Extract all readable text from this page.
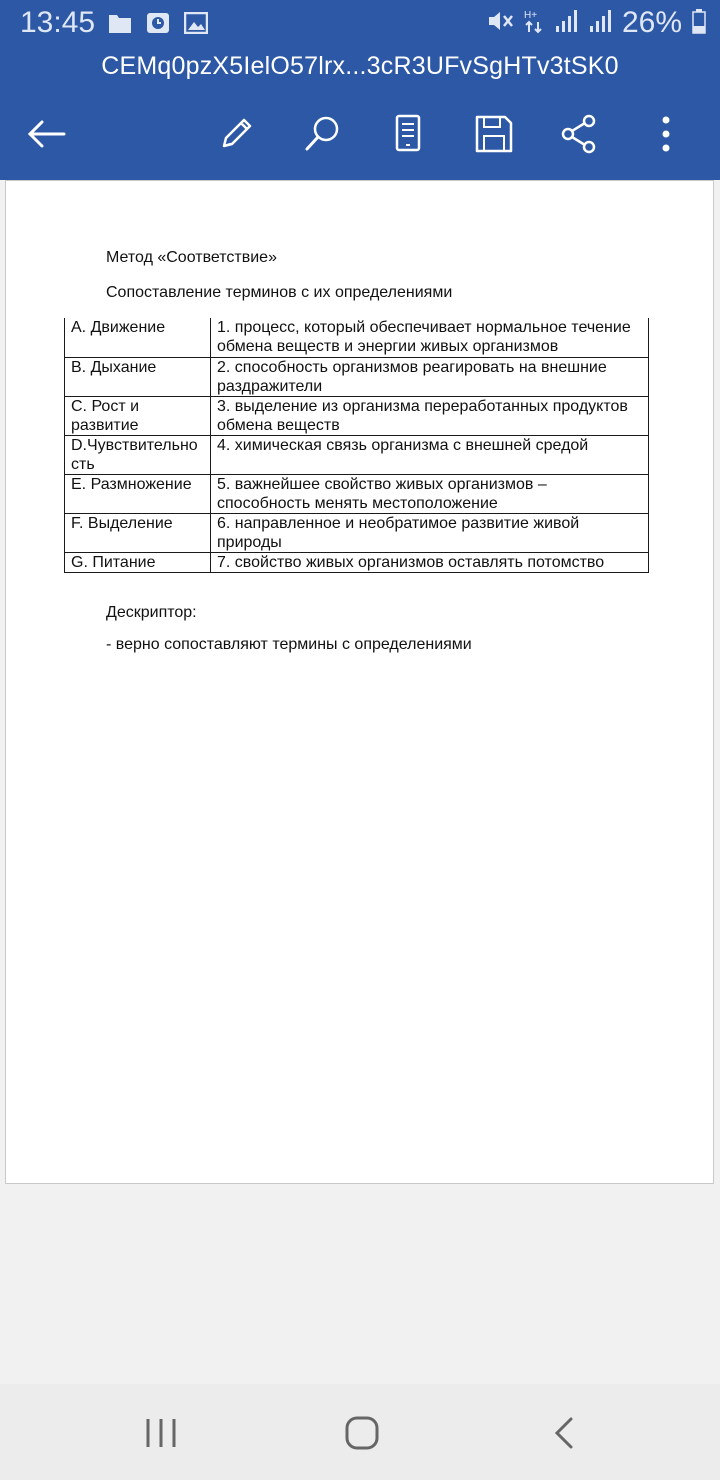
13:45	H+	26%
CEMq0pzX5IelO57lrx...3cR3UFvSgHTv3tSK0
Метод «Соответствие»
Сопоставление терминов с их определениями
A. Движение	1. процесс, который обеспечивает нормальное течение обмена веществ и энергии живых организмов
B. Дыхание	2. способность организмов реагировать на внешние раздражители
C. Рост и развитие	3. выделение из организма переработанных продуктов обмена веществ
D.Чувствительность	4. химическая связь организма с внешней средой
E. Размножение	5. важнейшее свойство живых организмов – способность менять местоположение
F. Выделение	6. направленное и необратимое развитие живой природы
G. Питание	7. свойство живых организмов оставлять потомство
Дескриптор:
- верно сопоставляют термины с определениями
